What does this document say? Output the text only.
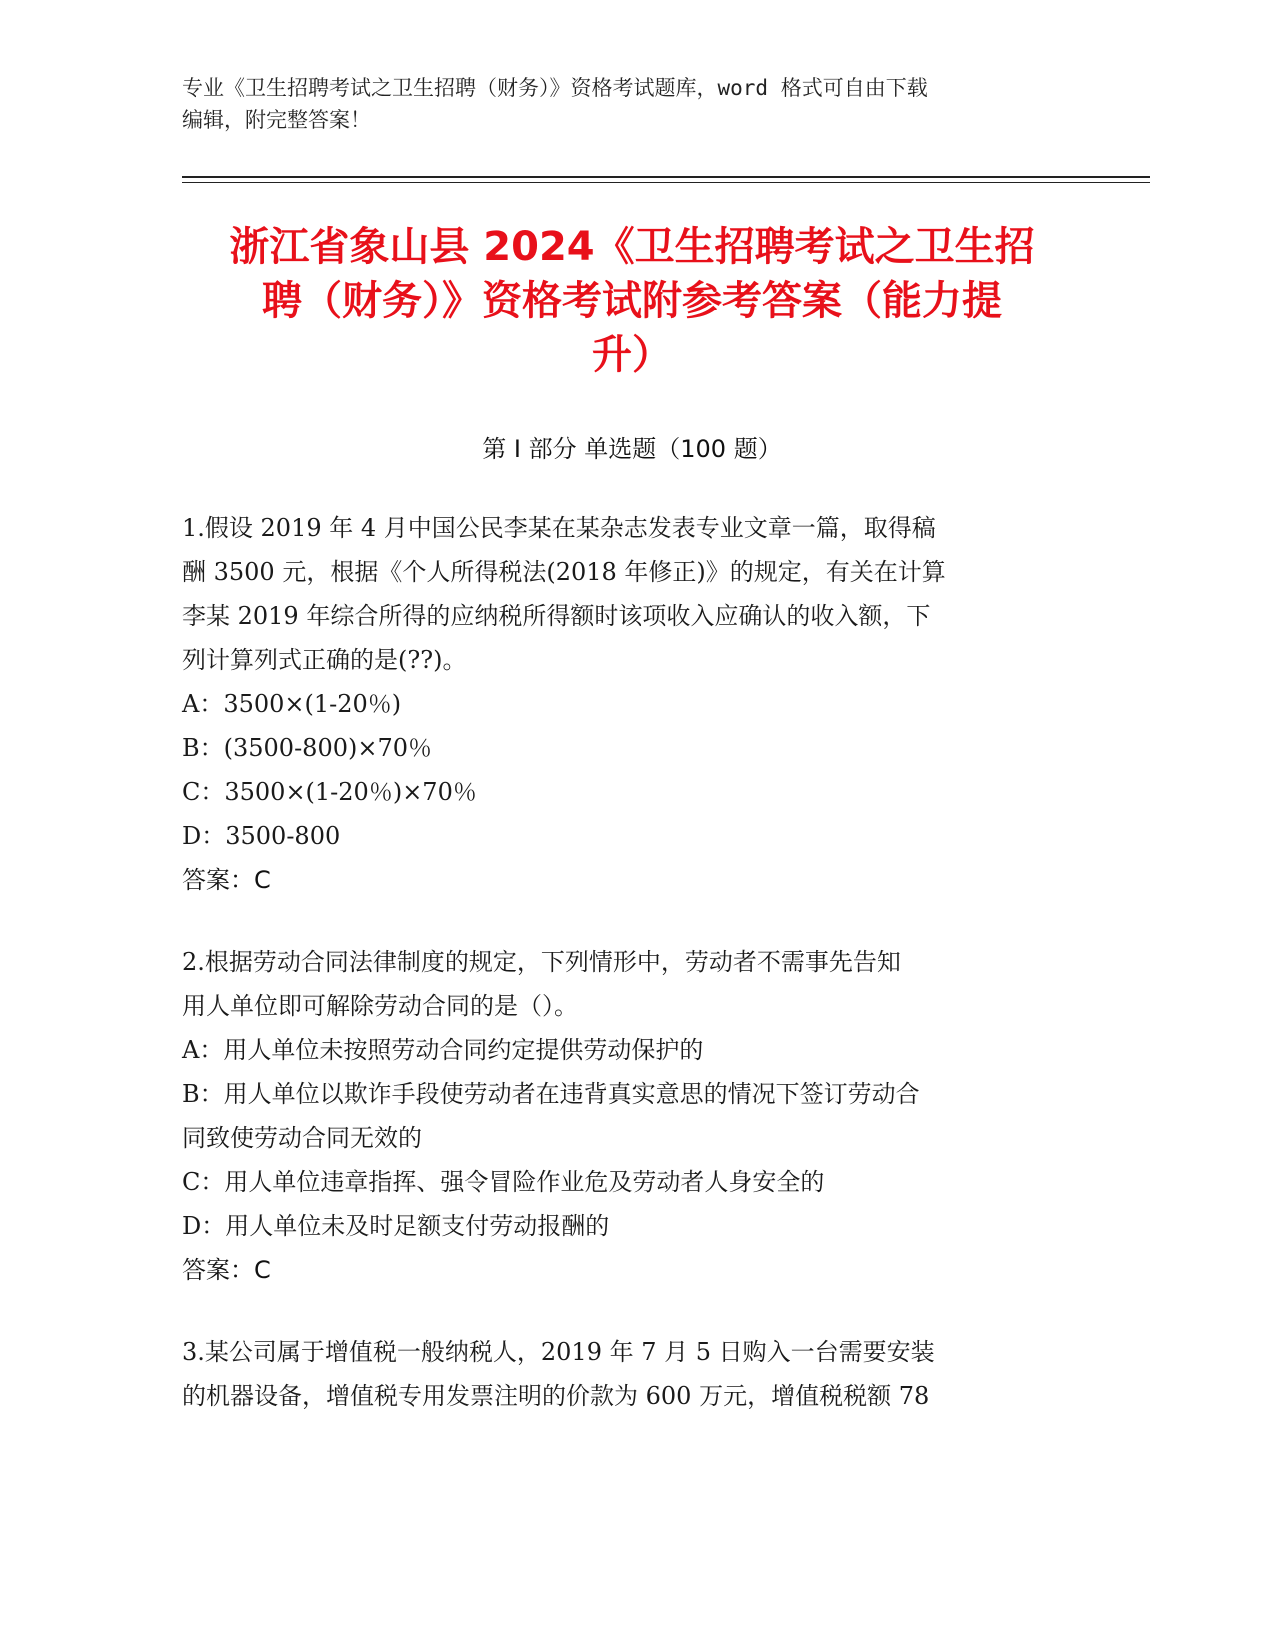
专业《卫生招聘考试之卫生招聘（财务）》资格考试题库，word 格式可自由下载
编辑，附完整答案！
浙江省象山县 2024《卫生招聘考试之卫生招
聘（财务）》资格考试附参考答案（能力提
升）
第 I 部分 单选题（100 题）
1.假设 2019 年 4 月中国公民李某在某杂志发表专业文章一篇，取得稿
酬 3500 元，根据《个人所得税法(2018 年修正)》的规定，有关在计算
李某 2019 年综合所得的应纳税所得额时该项收入应确认的收入额，下
列计算列式正确的是(??)。
A：3500×(1-20％)
B：(3500-800)×70％
C：3500×(1-20％)×70％
D：3500-800
答案：C
2.根据劳动合同法律制度的规定，下列情形中，劳动者不需事先告知
用人单位即可解除劳动合同的是（）。
A：用人单位未按照劳动合同约定提供劳动保护的
B：用人单位以欺诈手段使劳动者在违背真实意思的情况下签订劳动合
同致使劳动合同无效的
C：用人单位违章指挥、强令冒险作业危及劳动者人身安全的
D：用人单位未及时足额支付劳动报酬的
答案：C
3.某公司属于增值税一般纳税人，2019 年 7 月 5 日购入一台需要安装
的机器设备，增值税专用发票注明的价款为 600 万元，增值税税额 78
